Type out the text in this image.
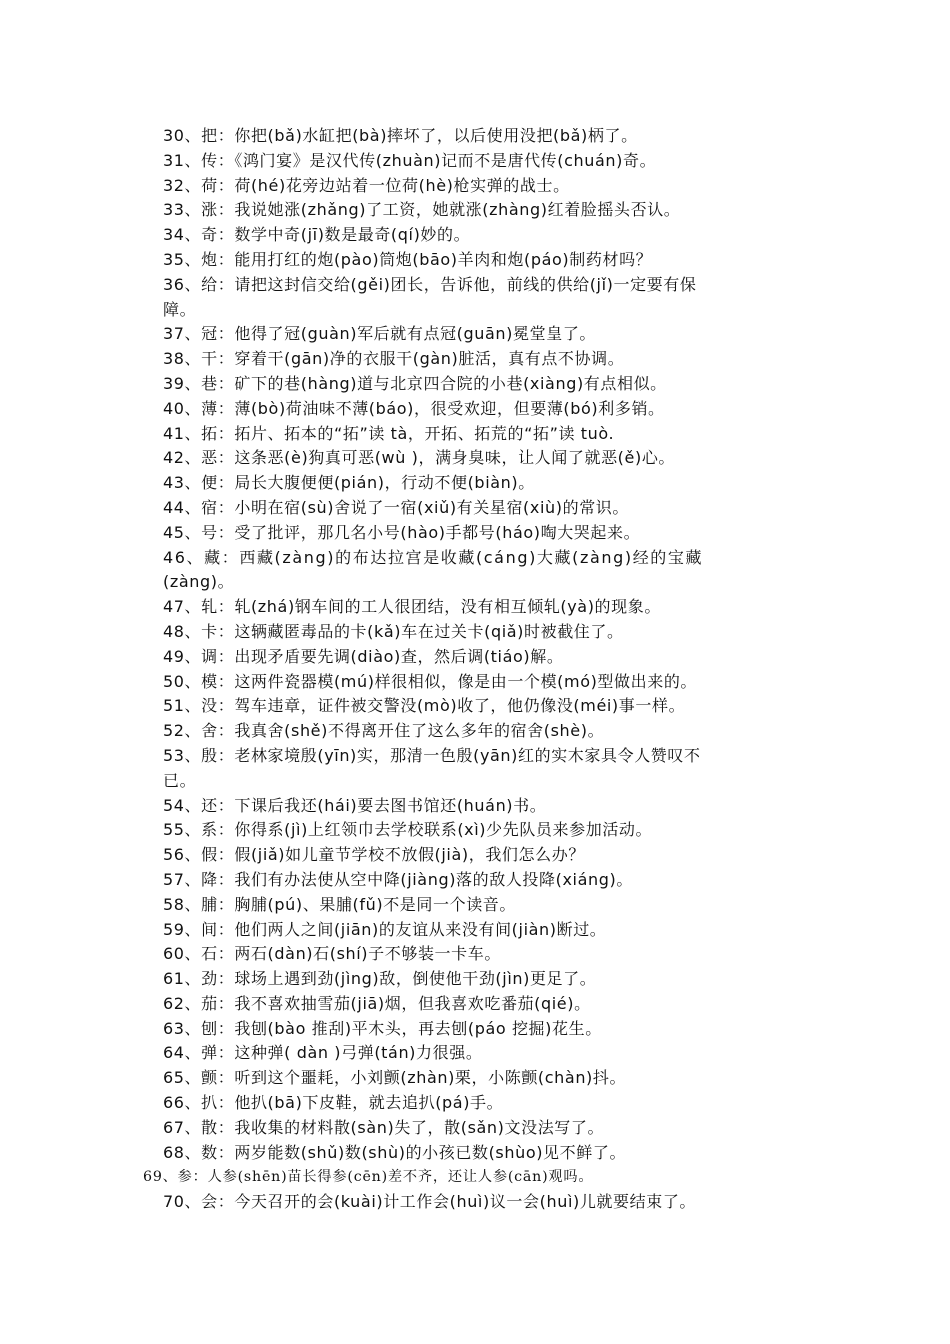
30、把：你把(bǎ)水缸把(bà)摔坏了，以后使用没把(bǎ)柄了。
31、传：《鸿门宴》是汉代传(zhuàn)记而不是唐代传(chuán)奇。
32、荷：荷(hé)花旁边站着一位荷(hè)枪实弹的战士。
33、涨：我说她涨(zhǎng)了工资，她就涨(zhàng)红着脸摇头否认。
34、奇：数学中奇(jī)数是最奇(qí)妙的。
35、炮：能用打红的炮(pào)筒炮(bāo)羊肉和炮(páo)制药材吗？
36、给：请把这封信交给(gěi)团长，告诉他，前线的供给(jǐ)一定要有保
障。
37、冠：他得了冠(guàn)军后就有点冠(guān)冕堂皇了。
38、干：穿着干(gān)净的衣服干(gàn)脏活，真有点不协调。
39、巷：矿下的巷(hàng)道与北京四合院的小巷(xiàng)有点相似。
40、薄：薄(bò)荷油味不薄(báo)，很受欢迎，但要薄(bó)利多销。
41、拓：拓片、拓本的“拓”读 tà，开拓、拓荒的“拓”读 tuò.
42、恶：这条恶(è)狗真可恶(wù )，满身臭味，让人闻了就恶(ě)心。
43、便：局长大腹便便(pián)，行动不便(biàn)。
44、宿：小明在宿(sù)舍说了一宿(xiǔ)有关星宿(xiù)的常识。
45、号：受了批评，那几名小号(hào)手都号(háo)啕大哭起来。
46、藏：西藏(zàng)的布达拉宫是收藏(cáng)大藏(zàng)经的宝藏
(zàng)。
47、轧：轧(zhá)钢车间的工人很团结，没有相互倾轧(yà)的现象。
48、卡：这辆藏匿毒品的卡(kǎ)车在过关卡(qiǎ)时被截住了。
49、调：出现矛盾要先调(diào)查，然后调(tiáo)解。
50、模：这两件瓷器模(mú)样很相似，像是由一个模(mó)型做出来的。
51、没：驾车违章，证件被交警没(mò)收了，他仍像没(méi)事一样。
52、舍：我真舍(shě)不得离开住了这么多年的宿舍(shè)。
53、殷：老林家境殷(yīn)实，那清一色殷(yān)红的实木家具令人赞叹不
已。
54、还：下课后我还(hái)要去图书馆还(huán)书。
55、系：你得系(jì)上红领巾去学校联系(xì)少先队员来参加活动。
56、假：假(jiǎ)如儿童节学校不放假(jià)，我们怎么办？
57、降：我们有办法使从空中降(jiàng)落的敌人投降(xiáng)。
58、脯：胸脯(pú)、果脯(fǔ)不是同一个读音。
59、间：他们两人之间(jiān)的友谊从来没有间(jiàn)断过。
60、石：两石(dàn)石(shí)子不够装一卡车。
61、劲：球场上遇到劲(jìng)敌，倒使他干劲(jìn)更足了。
62、茄：我不喜欢抽雪茄(jiā)烟，但我喜欢吃番茄(qié)。
63、刨：我刨(bào 推刮)平木头，再去刨(páo 挖掘)花生。
64、弹：这种弹( dàn )弓弹(tán)力很强。
65、颤：听到这个噩耗，小刘颤(zhàn)栗，小陈颤(chàn)抖。
66、扒：他扒(bā)下皮鞋，就去追扒(pá)手。
67、散：我收集的材料散(sàn)失了，散(sǎn)文没法写了。
68、数：两岁能数(shǔ)数(shù)的小孩已数(shùo)见不鲜了。
69、参：人参(shēn)苗长得参(cēn)差不齐，还让人参(cān)观吗。
70、会：今天召开的会(kuài)计工作会(huì)议一会(huì)儿就要结束了。
